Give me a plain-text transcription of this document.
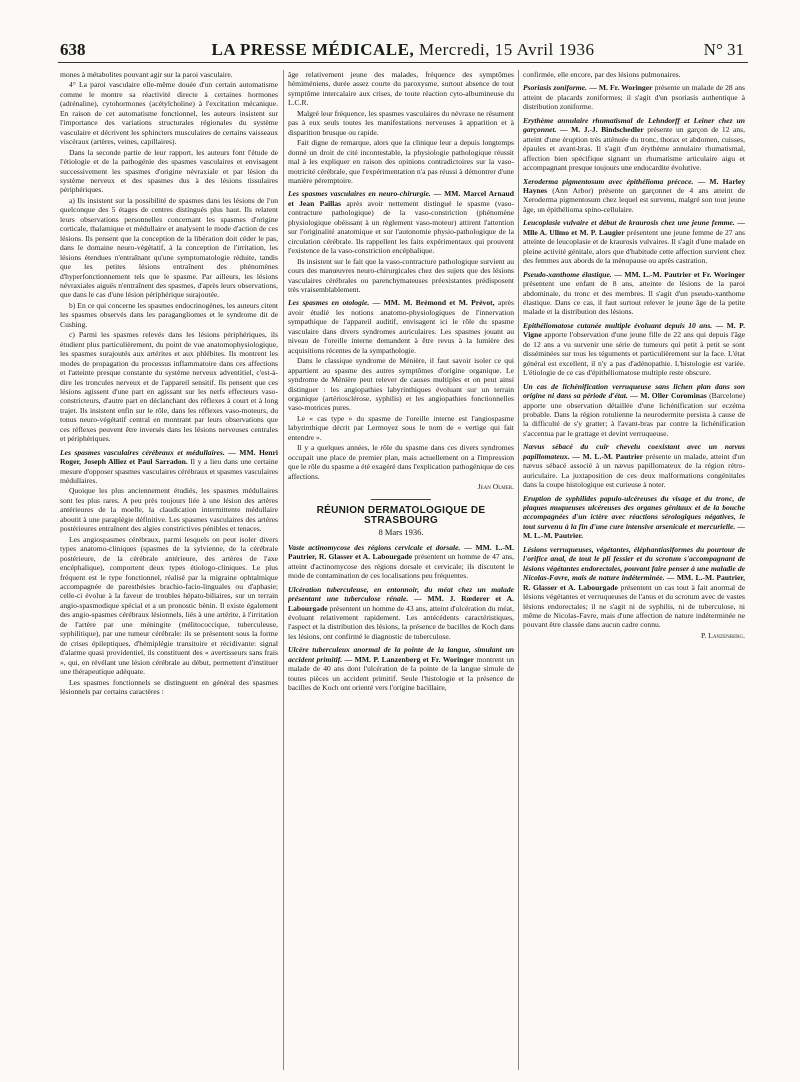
638	LA PRESSE MÉDICALE, Mercredi, 15 Avril 1936	N° 31

mones à métabolites pouvant agir sur la paroi vasculaire.

4° La paroi vasculaire elle-même douée d'un certain automatisme comme le montre sa réactivité directe à certaines hormones (adrénaline), cytohormones (acétylcholine) à l'excitation mécanique. En raison de cet automatisme fonctionnel, les auteurs insistent sur l'importance des variations structurales régionales du système vasculaire et décrivent les sphincters musculaires de certains vaisseaux viscéraux (artères, veines, capillaires).

Dans la seconde partie de leur rapport, les auteurs font l'étude de l'étiologie et de la pathogénie des spasmes vasculaires et envisagent successivement les spasmes d'origine névraxiale et par lésion du système nerveux et des spasmes dus à des lésions tissulaires périphériques.

a) Ils insistent sur la possibilité de spasmes dans les lésions de l'un quelconque des 5 étages de centres distingués plus haut. Ils relatent leurs observations personnelles concernant les spasmes d'origine corticale, thalamique et médullaire et analysent le mode d'action de ces lésions. Ils pensent que la conception de la libération doit céder le pas, dans le domaine neuro-végétatif, à la conception de l'irritation, les lésions étendues n'entraînant qu'une symptomatologie réduite, tandis que les petites lésions entraînent des phénomènes d'hyperfonctionnement tels que le spasme. Par ailleurs, les lésions névraxiales aiguës n'entraînent des spasmes, d'après leurs observations, que dans le cas d'une lésion périphérique surajoutée.

b) En ce qui concerne les spasmes endocrinogènes, les auteurs citent les spasmes observés dans les paragangliomes et le syndrome dit de Cushing.

c) Parmi les spasmes relevés dans les lésions périphériques, ils étudient plus particulièrement, du point de vue anatomophysiologique, les spasmes surajoutés aux artérites et aux phlébites. Ils montrent les modes de propagation du processus inflammatoire dans ces affections et l'atteinte presque constante du système nerveux adventitiel, c'est-à-dire les troncules nerveux et de l'appareil sensitif. Ils pensent que ces lésions agissent d'une part en agissant sur les nerfs effecteurs vaso-constricteurs, d'autre part en déclanchant des réflexes à court et à long trajet. Ils insistent enfin sur le rôle, dans les réflexes vaso-moteurs, du tonus neuro-végétatif central en montrant par leurs observations que ces réflexes peuvent être inversés dans les lésions nerveuses centrales et périphériques.

Les spasmes vasculaires cérébraux et médullaires. — MM. Henri Roger, Joseph Alliez et Paul Sarradon. Il y a lieu dans une certaine mesure d'opposer spasmes vasculaires cérébraux et spasmes vasculaires médullaires.

Quoique les plus anciennement étudiés, les spasmes médullaires sont les plus rares. A peu près toujours liée à une lésion des artères antérieures de la moelle, la claudication intermittente médullaire aboutit à une paraplégie définitive. Les spasmes vasculaires des artères postérieures entraînent des algies constrictives pénibles et tenaces.

Les angiospasmes cérébraux, parmi lesquels on peut isoler divers types anatomo-cliniques (spasmes de la sylvienne, de la cérébrale postérieure, de la cérébrale antérieure, des artères de l'axe encéphalique), comportent deux types étiologo-cliniques. Le plus fréquent est le type fonctionnel, réalisé par la migraine ophtalmique accompagnée de paresthésies brachio-facio-linguales ou d'aphasie; celle-ci évolue à la faveur de troubles hépato-biliaires, sur un terrain angio-spasmodique spécial et a un pronostic bénin. Il existe également des angio-spasmes cérébraux lésionnels, liés à une artérite, à l'irritation de l'artère par une méningite (mélitococcique, tuberculeuse, syphilitique), par une tumeur cérébrale: ils se présentent sous la forme de crises épileptiques, d'hémiplégie transitoire et récidivante: signal d'alarme quasi providentiel, ils constituent des « avertisseurs sans frais », qui, en révélant une lésion cérébrale au début, permettent d'instituer une thérapeutique adéquate.

Les spasmes fonctionnels se distinguent en général des spasmes lésionnels par certains caractères :

âge relativement jeune des malades, fréquence des symptômes hémiméniens, durée assez courte du paroxysme, surtout absence de tout symptôme intercalaire aux crises, de toute réaction cyto-albumineuse du L.C.R.

Malgré leur fréquence, les spasmes vasculaires du névraxe ne résument pas à eux seuls toutes les manifestations nerveuses à apparition et à disparition brusque ou rapide.

Fait digne de remarque, alors que la clinique leur a depuis longtemps donné un droit de cité incontestable, la physiologie pathologique réussit mal à les expliquer en raison des opinions contradictoires sur la vaso-motricité cérébrale, que l'expérimentation n'a pas réussi à démontrer d'une manière péremptoire.

Les spasmes vasculaires en neuro-chirurgie. — MM. Marcel Arnaud et Jean Paillas après avoir nettement distingué le spasme (vaso-contracture pathologique) de la vaso-constriction (phénomène physiologique obéissant à un règlement vaso-moteur) attirent l'attention sur l'originalité anatomique et sur l'autonomie physio-pathologique de la circulation cérébrale. Ils rappellent les faits expérimentaux qui prouvent l'existence de la vaso-constriction encéphalique.

Ils insistent sur le fait que la vaso-contracture pathologique survient au cours des manœuvres neuro-chirurgicales chez des sujets que des lésions vasculaires cérébrales ou parenchymateuses préexistantes prédisposent très vraisemblablement.

Les spasmes en otologie. — MM. M. Brémond et M. Prévot, après avoir étudié les notions anatomo-physiologiques de l'innervation sympathique de l'appareil auditif, envisagent ici le rôle du spasme vasculaire dans divers syndromes auriculaires. Les spasmes jouant au niveau de l'oreille interne demandent à être revus à la lumière des acquisitions récentes de la sympathologie.

Dans le classique syndrome de Ménière, il faut savoir isoler ce qui appartient au spasme des autres symptômes d'origine organique. Le syndrome de Ménière peut relever de causes multiples et on peut ainsi distinguer : les angiopathies labyrinthiques évoluant sur un terrain organique (artériosclérose, syphilis) et les angiopathies fonctionnelles vaso-motrices pures.

Le « cas type » du spasme de l'oreille interne est l'angiospasme labyrinthique décrit par Lermoyez sous le nom de « vertige qui fait entendre ».

Il y a quelques années, le rôle du spasme dans ces divers syndromes occupait une place de premier plan, mais actuellement on a l'impression que le rôle du spasme a été exagéré dans l'explication pathogénique de ces affections.

Jean Olmer.

RÉUNION DERMATOLOGIQUE DE STRASBOURG
8 Mars 1936.

Vaste actinomycose des régions cervicale et dorsale. — MM. L.-M. Pautrier, R. Glasser et A. Labourgade présentent un homme de 47 ans, atteint d'actinomycose des régions dorsale et cervicale; ils discutent le mode de contamination de ces localisations peu fréquentes.

Ulcération tuberculeuse, en entonnoir, du méat chez un malade présentant une tuberculose rénale. — MM. J. Rœderer et A. Labourgade présentent un homme de 43 ans, atteint d'ulcération du méat, évoluant relativement rapidement. Les antécédents caractéristiques, l'aspect et la distribution des lésions, la présence de bacilles de Koch dans les lésions, ont confirmé le diagnostic de tuberculose.

Ulcère tuberculeux anormal de la pointe de la langue, simulant un accident primitif. — MM. P. Lanzenberg et Fr. Woringer montrent un malade de 40 ans dont l'ulcération de la pointe de la langue simule de toutes pièces un accident primitif. Seule l'histologie et la présence de bacilles de Koch ont orienté vers l'origine bacillaire,

confirmée, elle encore, par des lésions pulmonaires.

Psoriasis zoniforme. — M. Fr. Woringer présente un malade de 28 ans atteint de placards zoniformes; il s'agit d'un psoriasis authentique à distribution zoniforme.

Erythème annulaire rhumatismal de Lehndorff et Leiner chez un garçonnet. — M. J.-J. Bindschedler présente un garçon de 12 ans, atteint d'une éruption très atténuée du tronc, thorax et abdomen, cuisses, épaules et avant-bras. Il s'agit d'un érythème annulaire rhumatismal, affection bien spécifique signant un rhumatisme articulaire aigu et accompagnant presque toujours une endocardite évolutive.

Xeroderma pigmentosum avec épithélioma précoce. — M. Harley Haynes (Ann Arbor) présente un garçonnet de 4 ans atteint de Xeroderma pigmentosum chez lequel est survenu, malgré son tout jeune âge, un épithélioma spino-cellulaire.

Leucoplasie vulvaire et début de kraurosis chez une jeune femme. — Mlle A. Ullmo et M. P. Laugier présentent une jeune femme de 27 ans atteinte de leucoplasie et de kraurosis vulvaires. Il s'agit d'une malade en pleine activité génitale, alors que d'habitude cette affection survient chez des femmes aux abords de la ménopause ou après castration.

Pseudo-xanthome élastique. — MM. L.-M. Pautrier et Fr. Woringer présentent une enfant de 8 ans, atteinte de lésions de la paroi abdominale, du tronc et des membres. Il s'agit d'un pseudo-xanthome élastique. Dans ce cas, il faut surtout relever le jeune âge de la petite malade et la distribution des lésions.

Epithéliomatose cutanée multiple évoluant depuis 10 ans. — M. P. Vigne apporte l'observation d'une jeune fille de 22 ans qui depuis l'âge de 12 ans a vu survenir une série de tumeurs qui petit à petit se sont disséminées sur tous les téguments et particulièrement sur la face. L'état général est excellent, il n'y a pas d'adénopathie. L'histologie est variée. L'étiologie de ce cas d'épithéliomatose multiple reste obscure.

Un cas de lichénification verruqueuse sans lichen plan dans son origine ni dans sa période d'état. — M. Oller Corominas (Barcelone) apporte une observation détaillée d'une lichénification sur eczéma probable. Dans la région rotulienne la neurodermite persista à cause de la difficulté de s'y gratter; à l'avant-bras par contre la lichénification s'accentua par le grattage et devint verruqueuse.

Nævus sébacé du cuir chevelu coexistant avec un nævus papillomateux. — M. L.-M. Pautrier présente un malade, atteint d'un nævus sébacé associé à un nævus papillomateux de la région rétro-auriculaire. La juxtaposition de ces deux malformations congénitales dans la coupe histologique est curieuse à noter.

Eruption de syphilides papulo-ulcéreuses du visage et du tronc, de plaques muqueuses ulcéreuses des organes génitaux et de la bouche accompagnées d'un ictère avec réactions sérologiques négatives, le tout survenu à la fin d'une cure intensive arsenicale et mercurielle. — M. L.-M. Pautrier.

Lésions verruqueuses, végétantes, éléphantiasiformes du pourtour de l'orifice anal, de tout le pli fessier et du scrotum s'accompagnant de lésions végétantes endorectales, pouvant faire penser à une maladie de Nicolas-Favre, mais de nature indéterminée. — MM. L.-M. Pautrier, R. Glasser et A. Labourgade présentent un cas tout à fait anormal de lésions végétantes et verruqueuses de l'anus et du scrotum avec de vastes lésions endorectales; il ne s'agit ni de syphilis, ni de tuberculose, ni même de Nicolas-Favre, mais d'une affection de nature indéterminée ne pouvant être classée dans aucun cadre connu.

P. Lanzenberg.
